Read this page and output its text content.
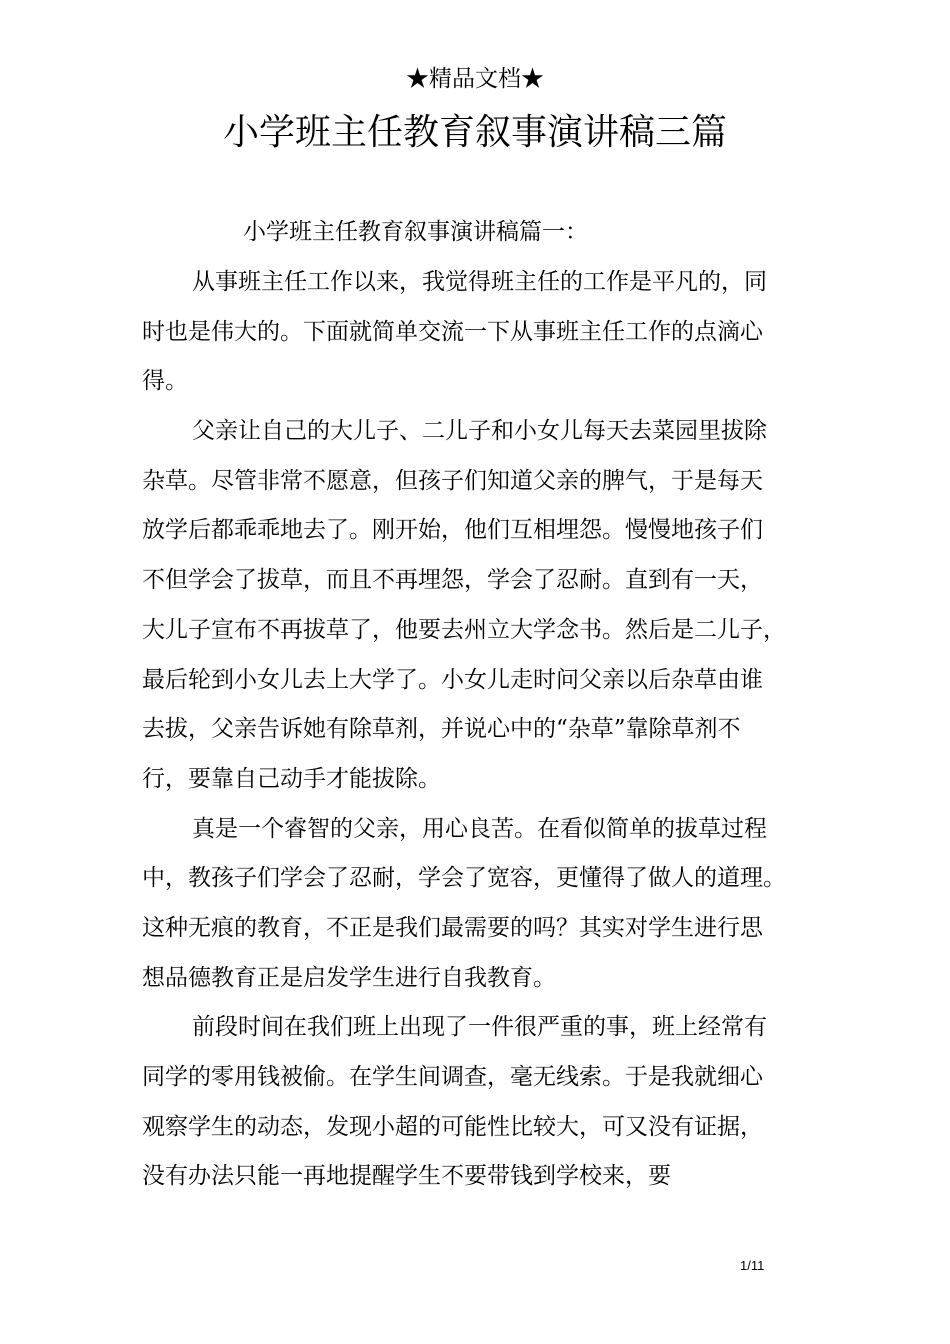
★精品文档★
小学班主任教育叙事演讲稿三篇
小学班主任教育叙事演讲稿篇一：

从事班主任工作以来，我觉得班主任的工作是平凡的，同
时也是伟大的。下面就简单交流一下从事班主任工作的点滴心
得。

父亲让自己的大儿子、二儿子和小女儿每天去菜园里拔除
杂草。尽管非常不愿意，但孩子们知道父亲的脾气，于是每天
放学后都乖乖地去了。刚开始，他们互相埋怨。慢慢地孩子们
不但学会了拔草，而且不再埋怨，学会了忍耐。直到有一天，
大儿子宣布不再拔草了，他要去州立大学念书。然后是二儿子，
最后轮到小女儿去上大学了。小女儿走时问父亲以后杂草由谁
去拔，父亲告诉她有除草剂，并说心中的“杂草”靠除草剂不
行，要靠自己动手才能拔除。

真是一个睿智的父亲，用心良苦。在看似简单的拔草过程
中，教孩子们学会了忍耐，学会了宽容，更懂得了做人的道理。
这种无痕的教育，不正是我们最需要的吗？其实对学生进行思
想品德教育正是启发学生进行自我教育。

前段时间在我们班上出现了一件很严重的事，班上经常有
同学的零用钱被偷。在学生间调查，毫无线索。于是我就细心
观察学生的动态，发现小超的可能性比较大，可又没有证据，
没有办法只能一再地提醒学生不要带钱到学校来，要

1/11
